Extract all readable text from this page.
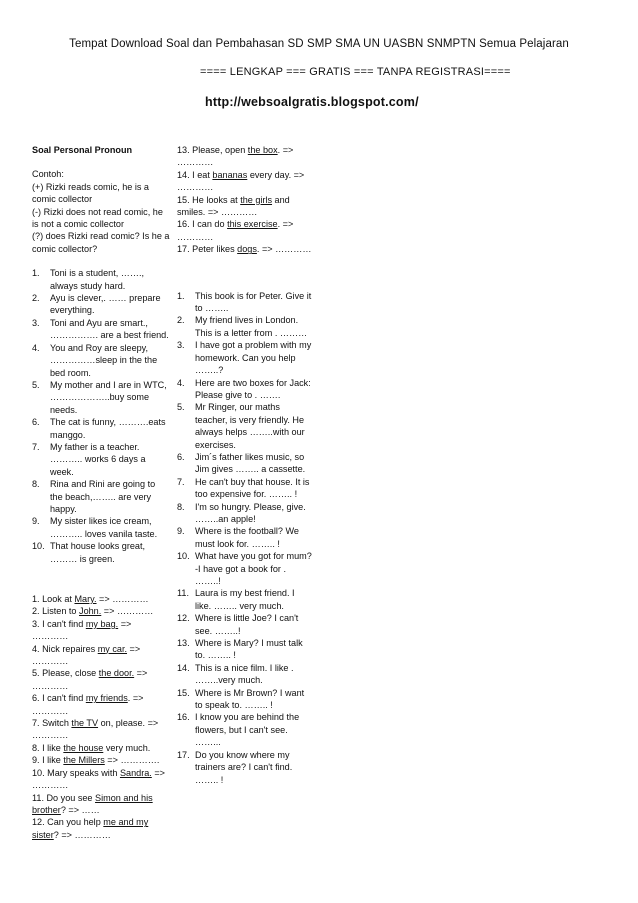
Tempat Download Soal dan Pembahasan SD SMP SMA UN UASBN SNMPTN Semua Pelajaran
==== LENGKAP === GRATIS === TANPA REGISTRASI====
http://websoalgratis.blogspot.com/
Soal Personal Pronoun
Contoh:
(+) Rizki reads comic, he is a comic collector
(-) Rizki does not read comic, he is not a comic collector
(?) does Rizki read comic? Is he a comic collector?
1. Toni is a student, ……., always study hard.
2. Ayu is clever,. …… prepare everything.
3. Toni and Ayu are smart., ……………. are a best friend.
4. You and Roy are sleepy, ……………sleep in the the bed room.
5. My mother and I are in WTC, ………………..buy some needs.
6. The cat is funny, ……….eats manggo.
7. My father is a teacher. ……….. works 6 days a week.
8. Rina and Rini are going to the beach,…….. are very happy.
9. My sister likes ice cream, ……….. loves vanila taste.
10. That house looks great, ……… is green.
1. Look at Mary. => …………
2. Listen to John. => …………
3. I can't find my bag. => …………
4. Nick repaires my car. => …………
5. Please, close the door. => …………
6. I can't find my friends. => …………
7. Switch the TV on, please. => …………
8. I like the house very much.
9. I like the Millers => ………….
10. Mary speaks with Sandra. => …………
11. Do you see Simon and his brother? => ……
12. Can you help me and my sister? => …………
13. Please, open the box. => …………
14. I eat bananas every day. => …………
15. He looks at the girls and smiles. => …………
16. I can do this exercise. => …………
17. Peter likes dogs. => …………
1. This book is for Peter. Give it to ……..
2. My friend lives in London. This is a letter from . ………
3. I have got a problem with my homework. Can you help ……..?
4. Here are two boxes for Jack: Please give to . …….
5. Mr Ringer, our maths teacher, is very friendly. He always helps ……..with our exercises.
6. Jim´s father likes music, so Jim gives …….. a cassette.
7. He can't buy that house. It is too expensive for. …….. !
8. I'm so hungry. Please, give. ……..an apple!
9. Where is the football? We must look for. …….. !
10. What have you got for mum? -I have got a book for . ……..!
11. Laura is my best friend. I like. …….. very much.
12. Where is little Joe? I can't see. ……..!
13. Where is Mary? I must talk to. …….. !
14. This is a nice film. I like . ……..very much.
15. Where is Mr Brown? I want to speak to. …….. !
16. I know you are behind the flowers, but I can't see. ……...
17. Do you know where my trainers are? I can't find. …….. !
